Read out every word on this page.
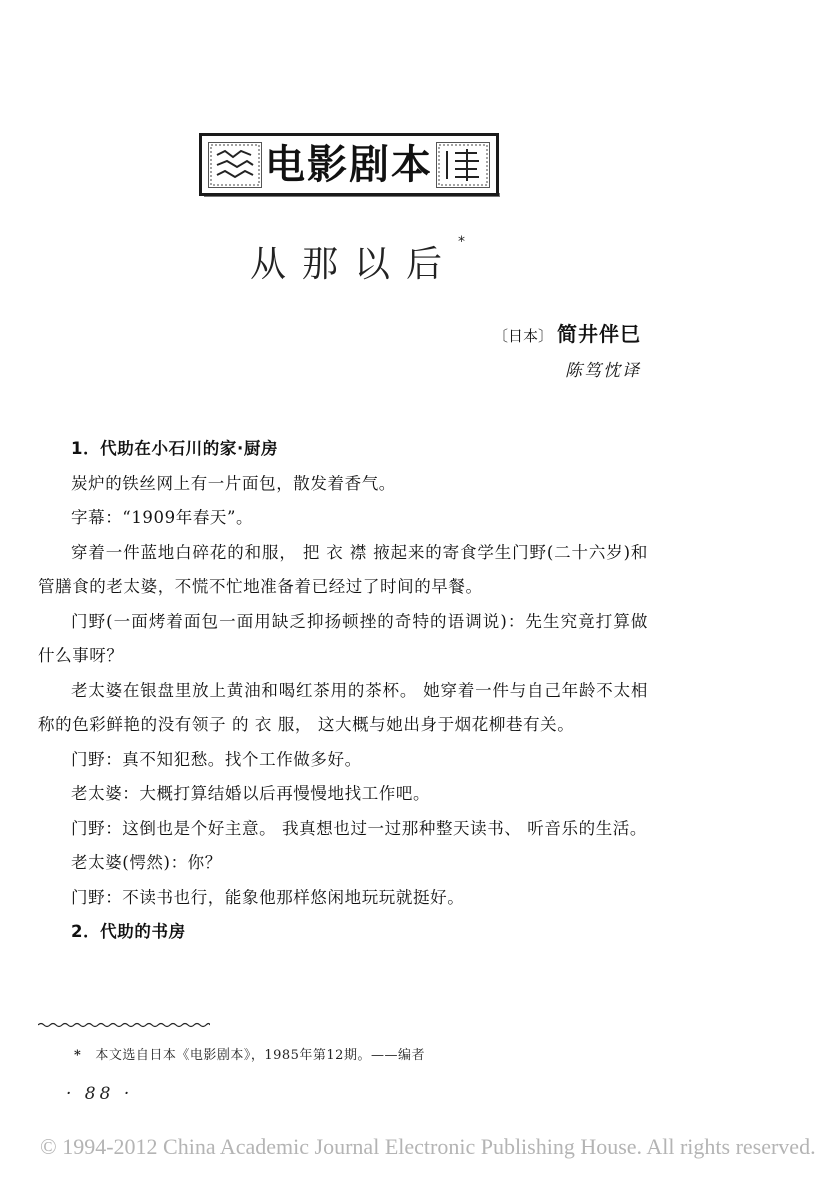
电影剧本
从那以后*
〔日本〕 简井伴巳
陈笃忱译

1．代助在小石川的家·厨房

炭炉的铁丝网上有一片面包，散发着香气。

字幕：“1909年春天”。

穿着一件蓝地白碎花的和服， 把 衣 襟 掖起来的寄食学生门野(二十六岁)和管膳食的老太婆，不慌不忙地准备着已经过了时间的早餐。

门野(一面烤着面包一面用缺乏抑扬顿挫的奇特的语调说)：先生究竟打算做什么事呀？

老太婆在银盘里放上黄油和喝红茶用的茶杯。 她穿着一件与自己年龄不太相称的色彩鲜艳的没有领子 的 衣 服， 这大概与她出身于烟花柳巷有关。

门野：真不知犯愁。找个工作做多好。

老太婆：大概打算结婚以后再慢慢地找工作吧。

门野：这倒也是个好主意。 我真想也过一过那种整天读书、 听音乐的生活。

老太婆(愕然)：你？

门野：不读书也行，能象他那样悠闲地玩玩就挺好。

2．代助的书房

* 本文选自日本《电影剧本》，1985年第12期。——编者
· 88 ·
© 1994-2012 China Academic Journal Electronic Publishing House. All rights reserved.
